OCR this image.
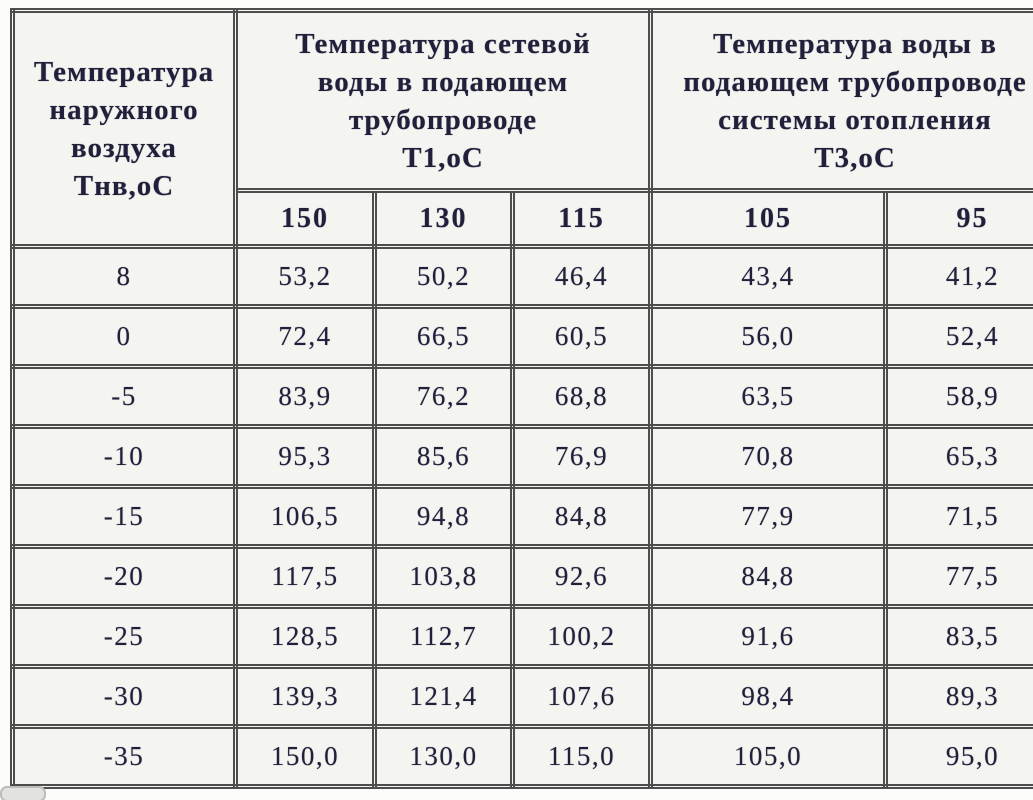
Температура
наружного
воздуха
Тнв,оС

Температура сетевой
воды в подающем
трубопроводе
Т1,оС

Температура воды в
подающем трубопроводе
системы отопления
Т3,оС

	150	130	115	105	95
8	53,2	50,2	46,4	43,4	41,2
0	72,4	66,5	60,5	56,0	52,4
-5	83,9	76,2	68,8	63,5	58,9
-10	95,3	85,6	76,9	70,8	65,3
-15	106,5	94,8	84,8	77,9	71,5
-20	117,5	103,8	92,6	84,8	77,5
-25	128,5	112,7	100,2	91,6	83,5
-30	139,3	121,4	107,6	98,4	89,3
-35	150,0	130,0	115,0	105,0	95,0
